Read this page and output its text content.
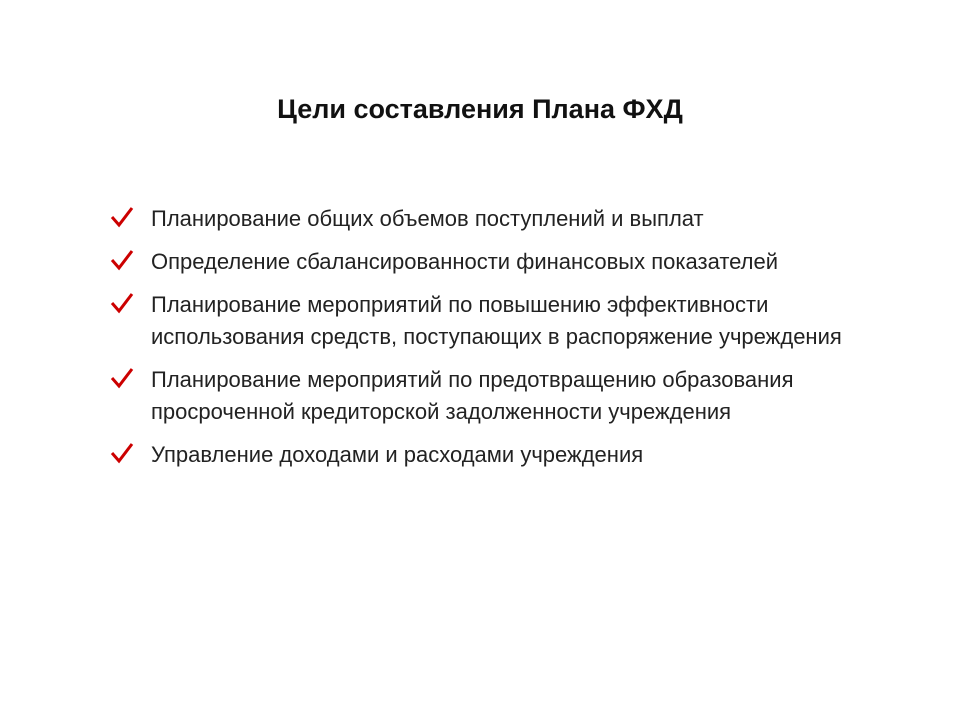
Цели составления Плана ФХД
Планирование общих объемов поступлений и выплат
Определение сбалансированности финансовых показателей
Планирование мероприятий по повышению эффективности использования средств, поступающих в распоряжение учреждения
Планирование мероприятий по предотвращению образования просроченной кредиторской задолженности учреждения
Управление доходами и расходами учреждения
